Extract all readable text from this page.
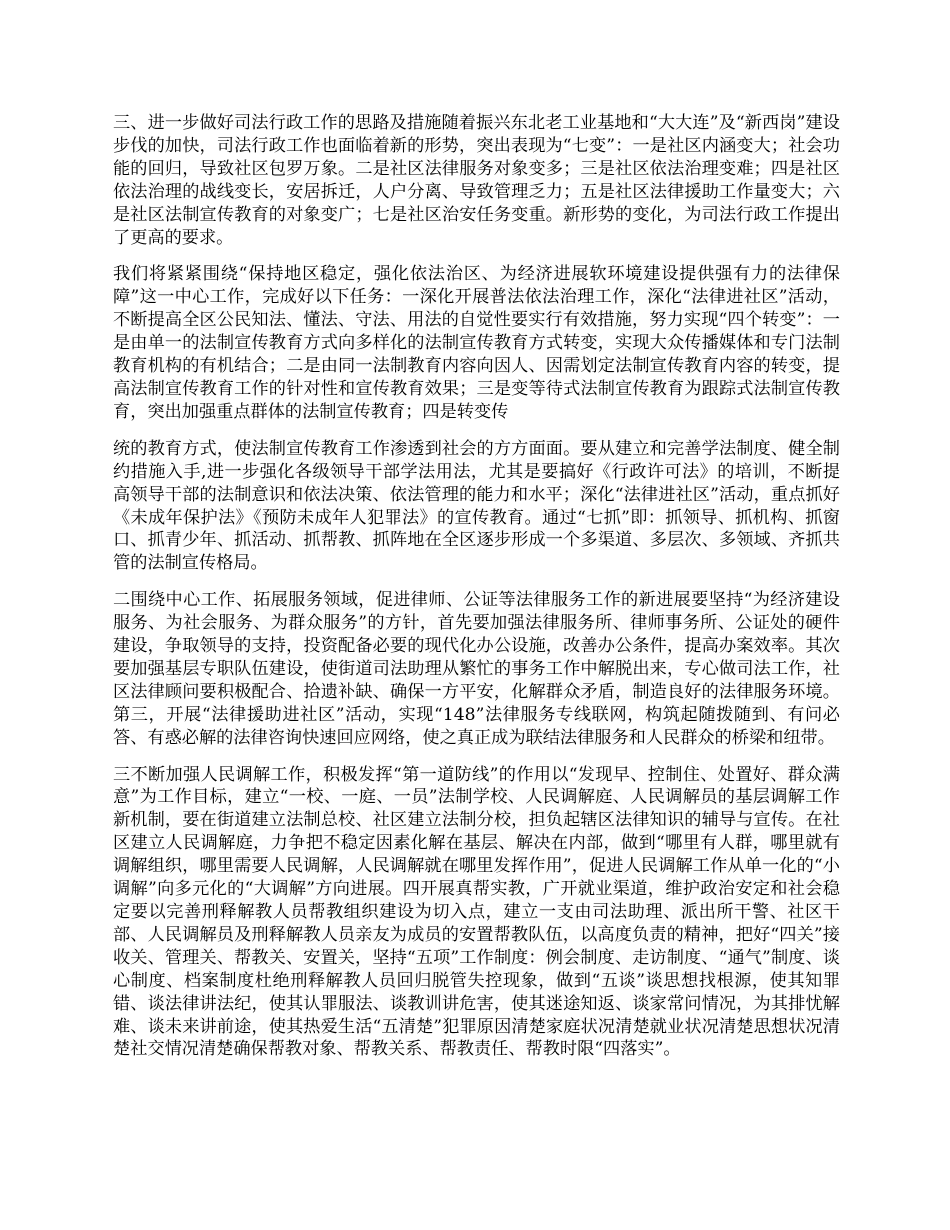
三、进一步做好司法行政工作的思路及措施随着振兴东北老工业基地和“大大连”及“新西岗”建设步伐的加快，司法行政工作也面临着新的形势，突出表现为“七变”：一是社区内涵变大；社会功能的回归，导致社区包罗万象。二是社区法律服务对象变多；三是社区依法治理变难；四是社区依法治理的战线变长，安居拆迁，人户分离、导致管理乏力；五是社区法律援助工作量变大；六是社区法制宣传教育的对象变广；七是社区治安任务变重。新形势的变化，为司法行政工作提出了更高的要求。

我们将紧紧围绕“保持地区稳定，强化依法治区、为经济进展软环境建设提供强有力的法律保障”这一中心工作，完成好以下任务：一深化开展普法依法治理工作，深化“法律进社区”活动，不断提高全区公民知法、懂法、守法、用法的自觉性要实行有效措施，努力实现“四个转变”：一是由单一的法制宣传教育方式向多样化的法制宣传教育方式转变，实现大众传播媒体和专门法制教育机构的有机结合；二是由同一法制教育内容向因人、因需划定法制宣传教育内容的转变，提高法制宣传教育工作的针对性和宣传教育效果；三是变等待式法制宣传教育为跟踪式法制宣传教育，突出加强重点群体的法制宣传教育；四是转变传

统的教育方式，使法制宣传教育工作渗透到社会的方方面面。要从建立和完善学法制度、健全制约措施入手,进一步强化各级领导干部学法用法，尤其是要搞好《行政许可法》的培训，不断提高领导干部的法制意识和依法决策、依法管理的能力和水平；深化“法律进社区”活动，重点抓好《未成年保护法》《预防未成年人犯罪法》的宣传教育。通过“七抓”即：抓领导、抓机构、抓窗口、抓青少年、抓活动、抓帮教、抓阵地在全区逐步形成一个多渠道、多层次、多领域、齐抓共管的法制宣传格局。

二围绕中心工作、拓展服务领域，促进律师、公证等法律服务工作的新进展要坚持“为经济建设服务、为社会服务、为群众服务”的方针，首先要加强法律服务所、律师事务所、公证处的硬件建设，争取领导的支持，投资配备必要的现代化办公设施，改善办公条件，提高办案效率。其次要加强基层专职队伍建设，使街道司法助理从繁忙的事务工作中解脱出来，专心做司法工作，社区法律顾问要积极配合、拾遗补缺、确保一方平安，化解群众矛盾，制造良好的法律服务环境。第三，开展“法律援助进社区”活动，实现“148”法律服务专线联网，构筑起随拨随到、有问必答、有惑必解的法律咨询快速回应网络，使之真正成为联结法律服务和人民群众的桥梁和纽带。

三不断加强人民调解工作，积极发挥“第一道防线”的作用以“发现早、控制住、处置好、群众满意”为工作目标，建立“一校、一庭、一员”法制学校、人民调解庭、人民调解员的基层调解工作新机制，要在街道建立法制总校、社区建立法制分校，担负起辖区法律知识的辅导与宣传。在社区建立人民调解庭，力争把不稳定因素化解在基层、解决在内部，做到“哪里有人群，哪里就有调解组织，哪里需要人民调解，人民调解就在哪里发挥作用”，促进人民调解工作从单一化的“小调解”向多元化的“大调解”方向进展。四开展真帮实教，广开就业渠道，维护政治安定和社会稳定要以完善刑释解教人员帮教组织建设为切入点，建立一支由司法助理、派出所干警、社区干部、人民调解员及刑释解教人员亲友为成员的安置帮教队伍，以高度负责的精神，把好“四关”接收关、管理关、帮教关、安置关，坚持“五项”工作制度：例会制度、走访制度、“通气”制度、谈心制度、档案制度杜绝刑释解教人员回归脱管失控现象，做到“五谈”谈思想找根源，使其知罪错、谈法律讲法纪，使其认罪服法、谈教训讲危害，使其迷途知返、谈家常问情况，为其排忧解难、谈未来讲前途，使其热爱生活“五清楚”犯罪原因清楚家庭状况清楚就业状况清楚思想状况清楚社交情况清楚确保帮教对象、帮教关系、帮教责任、帮教时限“四落实”。
